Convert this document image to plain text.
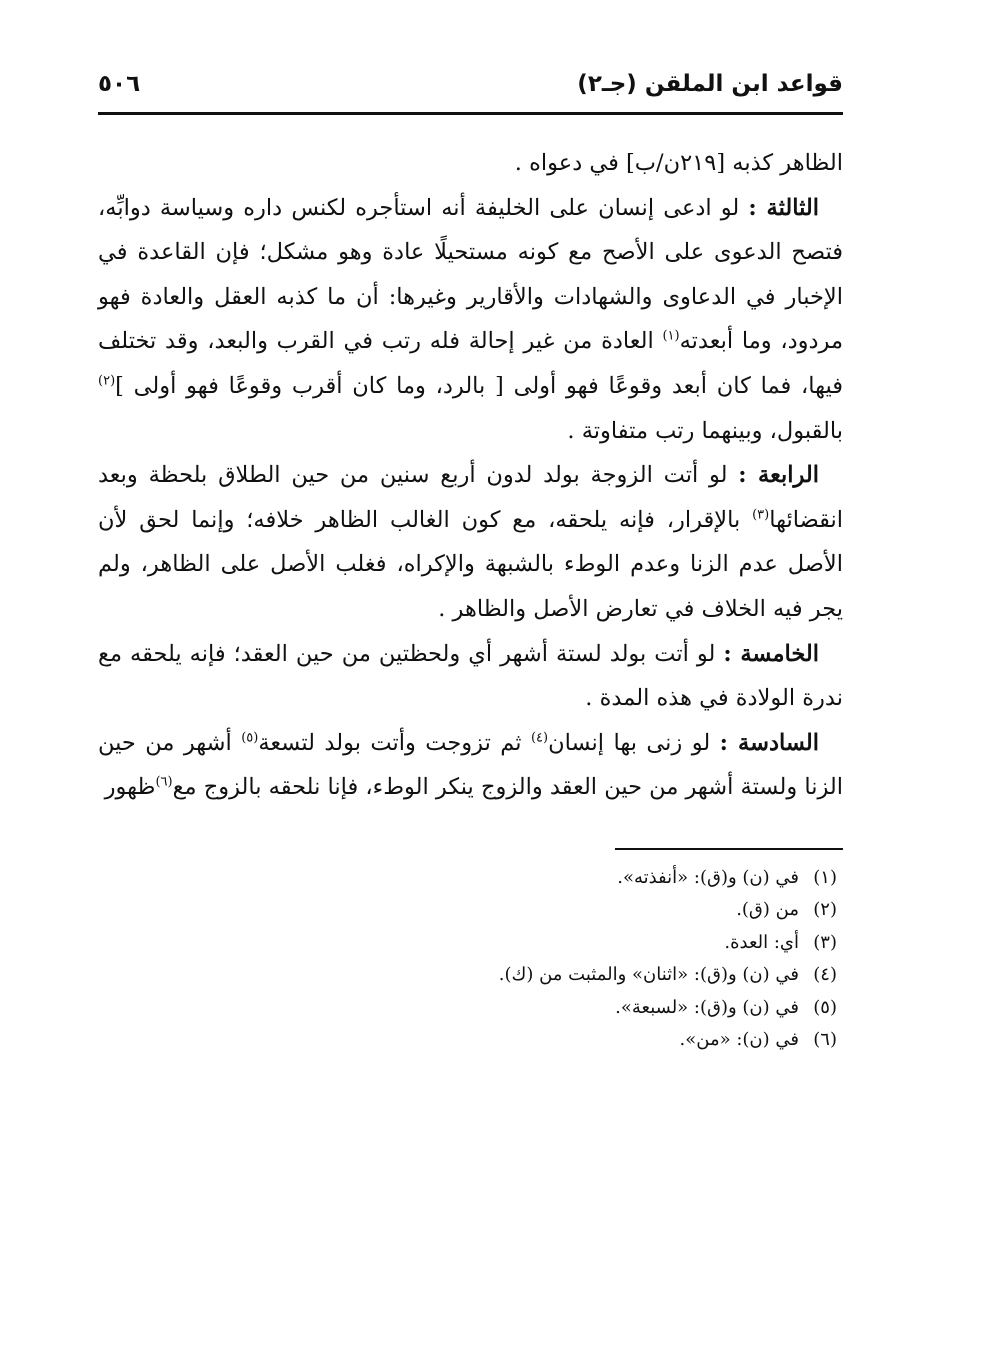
قواعد ابن الملقن (جـ٢)
٥٠٦

الظاهر كذبه [٢١٩ن/ب] في دعواه .

الثالثة : لو ادعى إنسان على الخليفة أنه استأجره لكنس داره وسياسة دوابِّه، فتصح الدعوى على الأصح مع كونه مستحيلًا عادة وهو مشكل؛ فإن القاعدة في الإخبار في الدعاوى والشهادات والأقارير وغيرها: أن ما كذبه العقل والعادة فهو مردود، وما أبعدته$^{(١)}$ العادة من غير إحالة فله رتب في القرب والبعد، وقد تختلف فيها، فما كان أبعد وقوعًا فهو أولى [ بالرد، وما كان أقرب وقوعًا فهو أولى ]$^{(٢)}$ بالقبول، وبينهما رتب متفاوتة .

الرابعة : لو أتت الزوجة بولد لدون أربع سنين من حين الطلاق بلحظة وبعد انقضائها$^{(٣)}$ بالإقرار، فإنه يلحقه، مع كون الغالب الظاهر خلافه؛ وإنما لحق لأن الأصل عدم الزنا وعدم الوطء بالشبهة والإكراه، فغلب الأصل على الظاهر، ولم يجر فيه الخلاف في تعارض الأصل والظاهر .

الخامسة : لو أتت بولد لستة أشهر أي ولحظتين من حين العقد؛ فإنه يلحقه مع ندرة الولادة في هذه المدة .

السادسة : لو زنى بها إنسان$^{(٤)}$ ثم تزوجت وأتت بولد لتسعة$^{(٥)}$ أشهر من حين الزنا ولستة أشهر من حين العقد والزوج ينكر الوطء، فإنا نلحقه بالزوج مع$^{(٦)}$ظهور

(١)
في (ن) و(ق): «أنفذته».
(٢)
من (ق).
(٣)
أي: العدة.
(٤)
في (ن) و(ق): «اثنان» والمثبت من (ك).
(٥)
في (ن) و(ق): «لسبعة».
(٦)
في (ن): «من».
